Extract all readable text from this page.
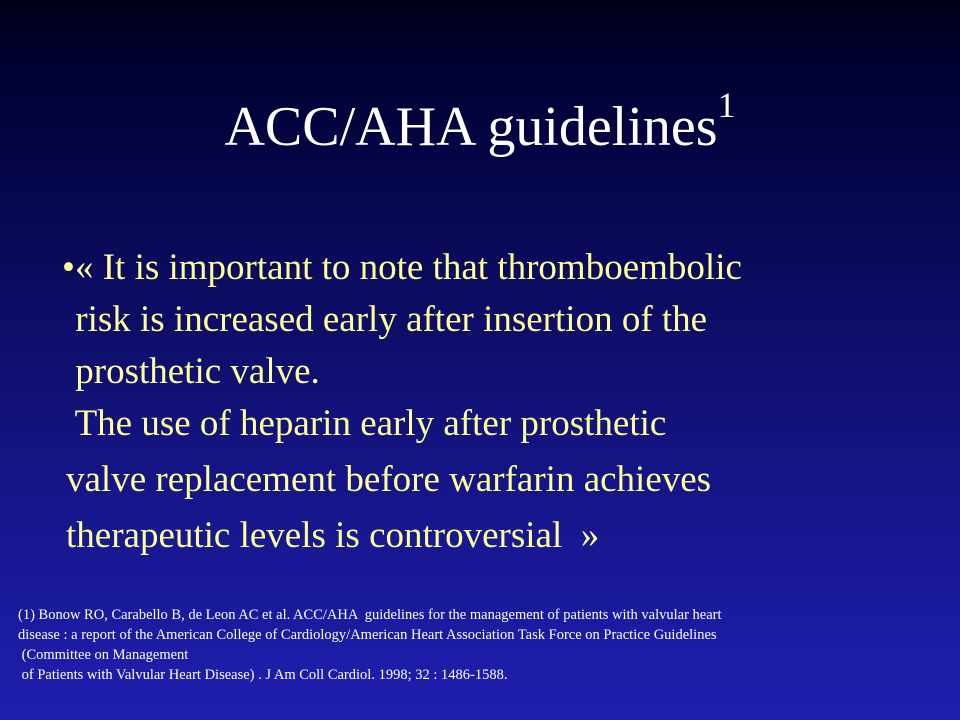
ACC/AHA guidelines$^1$
•« It is important to note that thromboembolic
risk is increased early after insertion of the
prosthetic valve.
The use of heparin early after prosthetic
valve replacement before warfarin achieves
therapeutic levels is controversial  »
(1) Bonow RO, Carabello B, de Leon AC et al. ACC/AHA  guidelines for the management of patients with valvular heart
disease : a report of the American College of Cardiology/American Heart Association Task Force on Practice Guidelines
(Committee on Management
of Patients with Valvular Heart Disease) . J Am Coll Cardiol. 1998; 32 : 1486-1588.
